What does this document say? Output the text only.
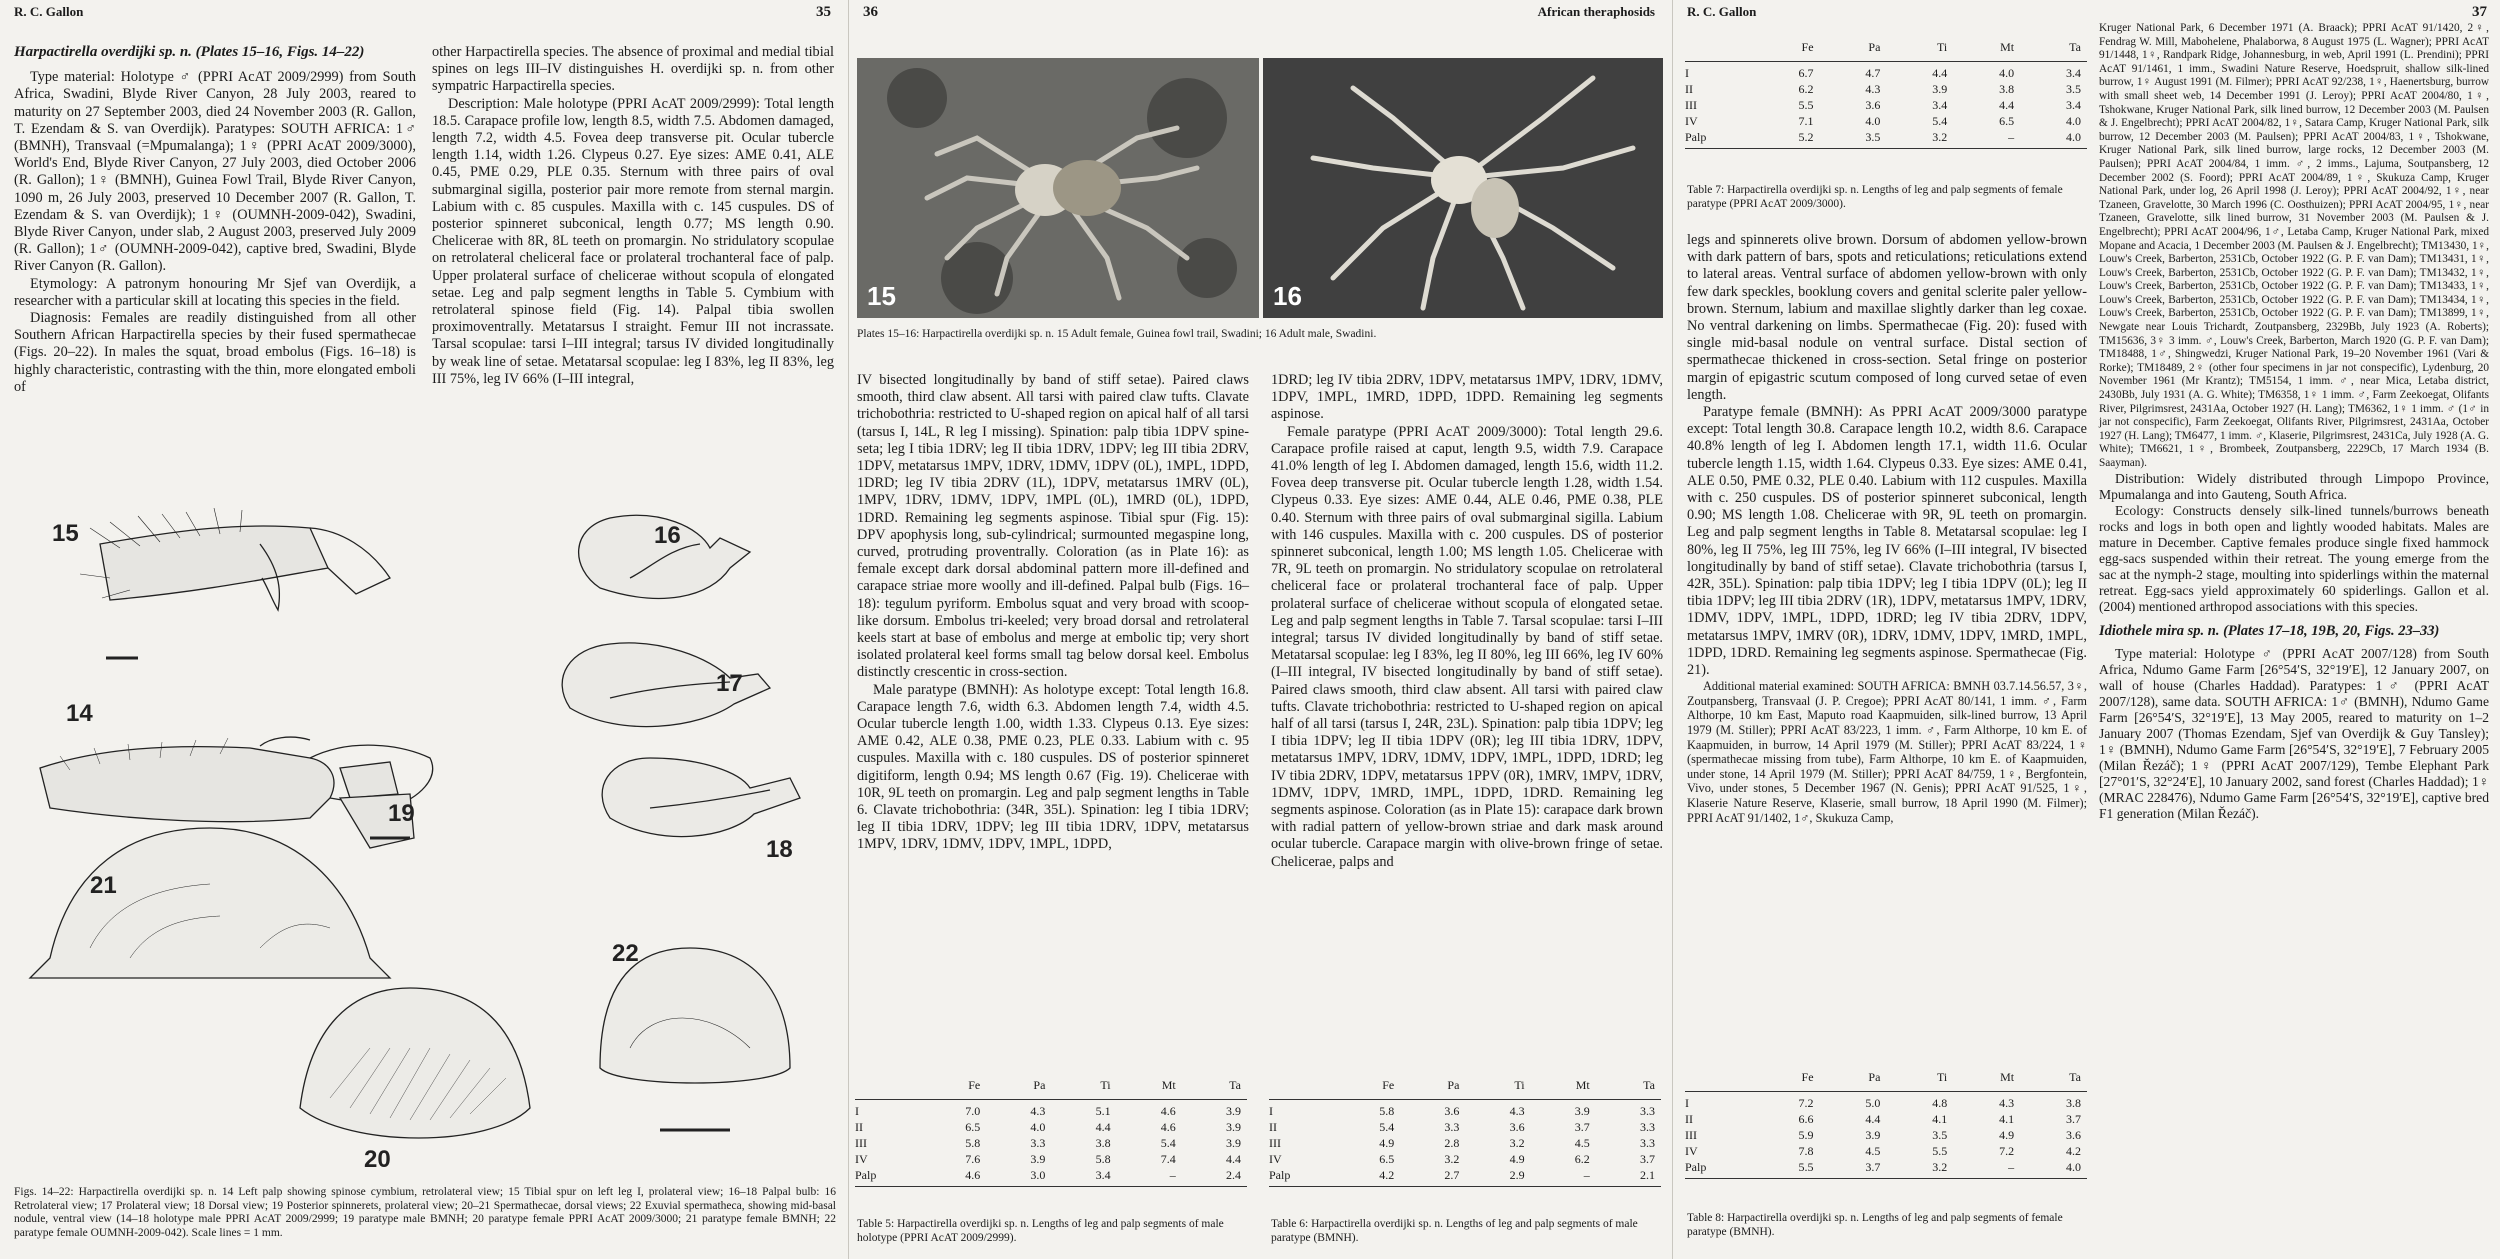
R. C. Gallon	35

Harpactirella overdijki sp. n. (Plates 15–16, Figs. 14–22)

Type material: Holotype ♂ (PPRI AcAT 2009/2999) from South Africa, Swadini, Blyde River Canyon, 28 July 2003, reared to maturity on 27 September 2003, died 24 November 2003 (R. Gallon, T. Ezendam & S. van Overdijk). Paratypes: SOUTH AFRICA: 1♂ (BMNH), Transvaal (=Mpumalanga); 1♀ (PPRI AcAT 2009/3000), World's End, Blyde River Canyon, 27 July 2003, died October 2006 (R. Gallon); 1♀ (BMNH), Guinea Fowl Trail, Blyde River Canyon, 1090 m, 26 July 2003, preserved 10 December 2007 (R. Gallon, T. Ezendam & S. van Overdijk); 1♀ (OUMNH-2009-042), Swadini, Blyde River Canyon, under slab, 2 August 2003, preserved July 2009 (R. Gallon); 1♂ (OUMNH-2009-042), captive bred, Swadini, Blyde River Canyon (R. Gallon).

Etymology: A patronym honouring Mr Sjef van Overdijk, a researcher with a particular skill at locating this species in the field.

Diagnosis: Females are readily distinguished from all other Southern African Harpactirella species by their fused spermathecae (Figs. 20–22). In males the squat, broad embolus (Figs. 16–18) is highly characteristic, contrasting with the thin, more elongated emboli of

other Harpactirella species. The absence of proximal and medial tibial spines on legs III–IV distinguishes H. overdijki sp. n. from other sympatric Harpactirella species.

Description: Male holotype (PPRI AcAT 2009/2999): Total length 18.5. Carapace profile low, length 8.5, width 7.5. Abdomen damaged, length 7.2, width 4.5. Fovea deep transverse pit. Ocular tubercle length 1.14, width 1.26. Clypeus 0.27. Eye sizes: AME 0.41, ALE 0.45, PME 0.29, PLE 0.35. Sternum with three pairs of oval submarginal sigilla, posterior pair more remote from sternal margin. Labium with c. 85 cuspules. Maxilla with c. 145 cuspules. DS of posterior spinneret subconical, length 0.77; MS length 0.90. Chelicerae with 8R, 8L teeth on promargin. No stridulatory scopulae on retrolateral cheliceral face or prolateral trochanteral face of palp. Upper prolateral surface of chelicerae without scopula of elongated setae. Leg and palp segment lengths in Table 5. Cymbium with retrolateral spinose field (Fig. 14). Palpal tibia swollen proximoventrally. Metatarsus I straight. Femur III not incrassate. Tarsal scopulae: tarsi I–III integral; tarsus IV divided longitudinally by weak line of setae. Metatarsal scopulae: leg I 83%, leg II 83%, leg III 75%, leg IV 66% (I–III integral,

15	16
17
14
19
18
21
22
20

Figs. 14–22: Harpactirella overdijki sp. n. 14 Left palp showing spinose cymbium, retrolateral view; 15 Tibial spur on left leg I, prolateral view; 16–18 Palpal bulb: 16 Retrolateral view; 17 Prolateral view; 18 Dorsal view; 19 Posterior spinnerets, prolateral view; 20–21 Spermathecae, dorsal views; 22 Exuvial spermatheca, showing mid-basal nodule, ventral view (14–18 holotype male PPRI AcAT 2009/2999; 19 paratype male BMNH; 20 paratype female PPRI AcAT 2009/3000; 21 paratype female BMNH; 22 paratype female OUMNH-2009-042). Scale lines = 1 mm.

36	African theraphosids
15	16

Plates 15–16: Harpactirella overdijki sp. n. 15 Adult female, Guinea fowl trail, Swadini; 16 Adult male, Swadini.

IV bisected longitudinally by band of stiff setae). Paired claws smooth, third claw absent. All tarsi with paired claw tufts. Clavate trichobothria: restricted to U-shaped region on apical half of all tarsi (tarsus I, 14L, R leg I missing). Spination: palp tibia 1DPV spine-seta; leg I tibia 1DRV; leg II tibia 1DRV, 1DPV; leg III tibia 2DRV, 1DPV, metatarsus 1MPV, 1DRV, 1DMV, 1DPV (0L), 1MPL, 1DPD, 1DRD; leg IV tibia 2DRV (1L), 1DPV, metatarsus 1MRV (0L), 1MPV, 1DRV, 1DMV, 1DPV, 1MPL (0L), 1MRD (0L), 1DPD, 1DRD. Remaining leg segments aspinose. Tibial spur (Fig. 15): DPV apophysis long, sub-cylindrical; surmounted megaspine long, curved, protruding proventrally. Coloration (as in Plate 16): as female except dark dorsal abdominal pattern more ill-defined and carapace striae more woolly and ill-defined. Palpal bulb (Figs. 16–18): tegulum pyriform. Embolus squat and very broad with scoop-like dorsum. Embolus tri-keeled; very broad dorsal and retrolateral keels start at base of embolus and merge at embolic tip; very short isolated prolateral keel forms small tag below dorsal keel. Embolus distinctly crescentic in cross-section.

Male paratype (BMNH): As holotype except: Total length 16.8. Carapace length 7.6, width 6.3. Abdomen length 7.4, width 4.5. Ocular tubercle length 1.00, width 1.33. Clypeus 0.13. Eye sizes: AME 0.42, ALE 0.38, PME 0.23, PLE 0.33. Labium with c. 95 cuspules. Maxilla with c. 180 cuspules. DS of posterior spinneret digitiform, length 0.94; MS length 0.67 (Fig. 19). Chelicerae with 10R, 9L teeth on promargin. Leg and palp segment lengths in Table 6. Clavate trichobothria: (34R, 35L). Spination: leg I tibia 1DRV; leg II tibia 1DRV, 1DPV; leg III tibia 1DRV, 1DPV, metatarsus 1MPV, 1DRV, 1DMV, 1DPV, 1MPL, 1DPD,

1DRD; leg IV tibia 2DRV, 1DPV, metatarsus 1MPV, 1DRV, 1DMV, 1DPV, 1MPL, 1MRD, 1DPD, 1DPD. Remaining leg segments aspinose.

Female paratype (PPRI AcAT 2009/3000): Total length 29.6. Carapace profile raised at caput, length 9.5, width 7.9. Carapace 41.0% length of leg I. Abdomen damaged, length 15.6, width 11.2. Fovea deep transverse pit. Ocular tubercle length 1.28, width 1.54. Clypeus 0.33. Eye sizes: AME 0.44, ALE 0.46, PME 0.38, PLE 0.40. Sternum with three pairs of oval submarginal sigilla. Labium with 146 cuspules. Maxilla with c. 200 cuspules. DS of posterior spinneret subconical, length 1.00; MS length 1.05. Chelicerae with 7R, 9L teeth on promargin. No stridulatory scopulae on retrolateral cheliceral face or prolateral trochanteral face of palp. Upper prolateral surface of chelicerae without scopula of elongated setae. Leg and palp segment lengths in Table 7. Tarsal scopulae: tarsi I–III integral; tarsus IV divided longitudinally by band of stiff setae. Metatarsal scopulae: leg I 83%, leg II 80%, leg III 66%, leg IV 60% (I–III integral, IV bisected longitudinally by band of stiff setae). Paired claws smooth, third claw absent. All tarsi with paired claw tufts. Clavate trichobothria: restricted to U-shaped region on apical half of all tarsi (tarsus I, 24R, 23L). Spination: palp tibia 1DPV; leg I tibia 1DPV; leg II tibia 1DPV (0R); leg III tibia 1DRV, 1DPV, metatarsus 1MPV, 1DRV, 1DMV, 1DPV, 1MPL, 1DPD, 1DRD; leg IV tibia 2DRV, 1DPV, metatarsus 1PPV (0R), 1MRV, 1MPV, 1DRV, 1DMV, 1DPV, 1MRD, 1MPL, 1DPD, 1DRD. Remaining leg segments aspinose. Coloration (as in Plate 15): carapace dark brown with radial pattern of yellow-brown striae and dark mask around ocular tubercle. Carapace margin with olive-brown fringe of setae. Chelicerae, palps and

	Fe	Pa	Ti	Mt	Ta
I	7.0	4.3	5.1	4.6	3.9
II	6.5	4.0	4.4	4.6	3.9
III	5.8	3.3	3.8	5.4	3.9
IV	7.6	3.9	5.8	7.4	4.4
Palp	4.6	3.0	3.4	–	2.4

Table 5: Harpactirella overdijki sp. n. Lengths of leg and palp segments of male holotype (PPRI AcAT 2009/2999).

	Fe	Pa	Ti	Mt	Ta
I	5.8	3.6	4.3	3.9	3.3
II	5.4	3.3	3.6	3.7	3.3
III	4.9	2.8	3.2	4.5	3.3
IV	6.5	3.2	4.9	6.2	3.7
Palp	4.2	2.7	2.9	–	2.1

Table 6: Harpactirella overdijki sp. n. Lengths of leg and palp segments of male paratype (BMNH).

R. C. Gallon	37
	Fe	Pa	Ti	Mt	Ta
I	6.7	4.7	4.4	4.0	3.4
II	6.2	4.3	3.9	3.8	3.5
III	5.5	3.6	3.4	4.4	3.4
IV	7.1	4.0	5.4	6.5	4.0
Palp	5.2	3.5	3.2	–	4.0

Table 7: Harpactirella overdijki sp. n. Lengths of leg and palp segments of female paratype (PPRI AcAT 2009/3000).

legs and spinnerets olive brown. Dorsum of abdomen yellow-brown with dark pattern of bars, spots and reticulations; reticulations extend to lateral areas. Ventral surface of abdomen yellow-brown with only few dark speckles, booklung covers and genital sclerite paler yellow-brown. Sternum, labium and maxillae slightly darker than leg coxae. No ventral darkening on limbs. Spermathecae (Fig. 20): fused with single mid-basal nodule on ventral surface. Distal section of spermathecae thickened in cross-section. Setal fringe on posterior margin of epigastric scutum composed of long curved setae of even length.

Paratype female (BMNH): As PPRI AcAT 2009/3000 paratype except: Total length 30.8. Carapace length 10.2, width 8.6. Carapace 40.8% length of leg I. Abdomen length 17.1, width 11.6. Ocular tubercle length 1.15, width 1.64. Clypeus 0.33. Eye sizes: AME 0.41, ALE 0.50, PME 0.32, PLE 0.40. Labium with 112 cuspules. Maxilla with c. 250 cuspules. DS of posterior spinneret subconical, length 0.90; MS length 1.08. Chelicerae with 9R, 9L teeth on promargin. Leg and palp segment lengths in Table 8. Metatarsal scopulae: leg I 80%, leg II 75%, leg III 75%, leg IV 66% (I–III integral, IV bisected longitudinally by band of stiff setae). Clavate trichobothria (tarsus I, 42R, 35L). Spination: palp tibia 1DPV; leg I tibia 1DPV (0L); leg II tibia 1DPV; leg III tibia 2DRV (1R), 1DPV, metatarsus 1MPV, 1DRV, 1DMV, 1DPV, 1MPL, 1DPD, 1DRD; leg IV tibia 2DRV, 1DPV, metatarsus 1MPV, 1MRV (0R), 1DRV, 1DMV, 1DPV, 1MRD, 1MPL, 1DPD, 1DRD. Remaining leg segments aspinose. Spermathecae (Fig. 21).

Additional material examined: SOUTH AFRICA: BMNH 03.7.14.56.57, 3♀, Zoutpansberg, Transvaal (J. P. Cregoe); PPRI AcAT 80/141, 1 imm. ♂, Farm Althorpe, 10 km East, Maputo road Kaapmuiden, silk-lined burrow, 13 April 1979 (M. Stiller); PPRI AcAT 83/223, 1 imm. ♂, Farm Althorpe, 10 km E. of Kaapmuiden, in burrow, 14 April 1979 (M. Stiller); PPRI AcAT 83/224, 1♀ (spermathecae missing from tube), Farm Althorpe, 10 km E. of Kaapmuiden, under stone, 14 April 1979 (M. Stiller); PPRI AcAT 84/759, 1♀, Bergfontein, Vivo, under stones, 5 December 1967 (N. Genis); PPRI AcAT 91/525, 1♀, Klaserie Nature Reserve, Klaserie, small burrow, 18 April 1990 (M. Filmer); PPRI AcAT 91/1402, 1♂, Skukuza Camp,

	Fe	Pa	Ti	Mt	Ta
I	7.2	5.0	4.8	4.3	3.8
II	6.6	4.4	4.1	4.1	3.7
III	5.9	3.9	3.5	4.9	3.6
IV	7.8	4.5	5.5	7.2	4.2
Palp	5.5	3.7	3.2	–	4.0

Table 8: Harpactirella overdijki sp. n. Lengths of leg and palp segments of female paratype (BMNH).

Kruger National Park, 6 December 1971 (A. Braack); PPRI AcAT 91/1420, 2♀, Fendrag W. Mill, Mabohelene, Phalaborwa, 8 August 1975 (L. Wagner); PPRI AcAT 91/1448, 1♀, Randpark Ridge, Johannesburg, in web, April 1991 (L. Prendini); PPRI AcAT 91/1461, 1 imm., Swadini Nature Reserve, Hoedspruit, shallow silk-lined burrow, 1♀ August 1991 (M. Filmer); PPRI AcAT 92/238, 1♀, Haenertsburg, burrow with small sheet web, 14 December 1991 (J. Leroy); PPRI AcAT 2004/80, 1♀, Tshokwane, Kruger National Park, silk lined burrow, 12 December 2003 (M. Paulsen & J. Engelbrecht); PPRI AcAT 2004/82, 1♀, Satara Camp, Kruger National Park, silk burrow, 12 December 2003 (M. Paulsen); PPRI AcAT 2004/83, 1♀, Tshokwane, Kruger National Park, silk lined burrow, large rocks, 12 December 2003 (M. Paulsen); PPRI AcAT 2004/84, 1 imm. ♂, 2 imms., Lajuma, Soutpansberg, 12 December 2002 (S. Foord); PPRI AcAT 2004/89, 1♀, Skukuza Camp, Kruger National Park, under log, 26 April 1998 (J. Leroy); PPRI AcAT 2004/92, 1♀, near Tzaneen, Gravelotte, 30 March 1996 (C. Oosthuizen); PPRI AcAT 2004/95, 1♀, near Tzaneen, Gravelotte, silk lined burrow, 31 November 2003 (M. Paulsen & J. Engelbrecht); PPRI AcAT 2004/96, 1♂, Letaba Camp, Kruger National Park, mixed Mopane and Acacia, 1 December 2003 (M. Paulsen & J. Engelbrecht); TM13430, 1♀, Louw's Creek, Barberton, 2531Cb, October 1922 (G. P. F. van Dam); TM13431, 1♀, Louw's Creek, Barberton, 2531Cb, October 1922 (G. P. F. van Dam); TM13432, 1♀, Louw's Creek, Barberton, 2531Cb, October 1922 (G. P. F. van Dam); TM13433, 1♀, Louw's Creek, Barberton, 2531Cb, October 1922 (G. P. F. van Dam); TM13434, 1♀, Louw's Creek, Barberton, 2531Cb, October 1922 (G. P. F. van Dam); TM13899, 1♀, Newgate near Louis Trichardt, Zoutpansberg, 2329Bb, July 1923 (A. Roberts); TM15636, 3♀ 3 imm. ♂, Louw's Creek, Barberton, March 1920 (G. P. F. van Dam); TM18488, 1♂, Shingwedzi, Kruger National Park, 19–20 November 1961 (Vari & Rorke); TM18489, 2♀ (other four specimens in jar not conspecific), Lydenburg, 20 November 1961 (Mr Krantz); TM5154, 1 imm. ♂, near Mica, Letaba district, 2430Bb, July 1931 (A. G. White); TM6358, 1♀ 1 imm. ♂, Farm Zeekoegat, Olifants River, Pilgrimsrest, 2431Aa, October 1927 (H. Lang); TM6362, 1♀ 1 imm. ♂ (1♂ in jar not conspecific), Farm Zeekoegat, Olifants River, Pilgrimsrest, 2431Aa, October 1927 (H. Lang); TM6477, 1 imm. ♂, Klaserie, Pilgrimsrest, 2431Ca, July 1928 (A. G. White); TM6621, 1♀, Brombeek, Zoutpansberg, 2229Cb, 17 March 1934 (B. Saayman).

Distribution: Widely distributed through Limpopo Province, Mpumalanga and into Gauteng, South Africa.

Ecology: Constructs densely silk-lined tunnels/burrows beneath rocks and logs in both open and lightly wooded habitats. Males are mature in December. Captive females produce single fixed hammock egg-sacs suspended within their retreat. The young emerge from the sac at the nymph-2 stage, moulting into spiderlings within the maternal retreat. Egg-sacs yield approximately 60 spiderlings. Gallon et al. (2004) mentioned arthropod associations with this species.

Idiothele mira sp. n. (Plates 17–18, 19B, 20, Figs. 23–33)

Type material: Holotype ♂ (PPRI AcAT 2007/128) from South Africa, Ndumo Game Farm [26°54′S, 32°19′E], 12 January 2007, on wall of house (Charles Haddad). Paratypes: 1♂ (PPRI AcAT 2007/128), same data. SOUTH AFRICA: 1♂ (BMNH), Ndumo Game Farm [26°54′S, 32°19′E], 13 May 2005, reared to maturity on 1–2 January 2007 (Thomas Ezendam, Sjef van Overdijk & Guy Tansley); 1♀ (BMNH), Ndumo Game Farm [26°54′S, 32°19′E], 7 February 2005 (Milan Řezáč); 1♀ (PPRI AcAT 2007/129), Tembe Elephant Park [27°01′S, 32°24′E], 10 January 2002, sand forest (Charles Haddad); 1♀ (MRAC 228476), Ndumo Game Farm [26°54′S, 32°19′E], captive bred F1 generation (Milan Řezáč).
